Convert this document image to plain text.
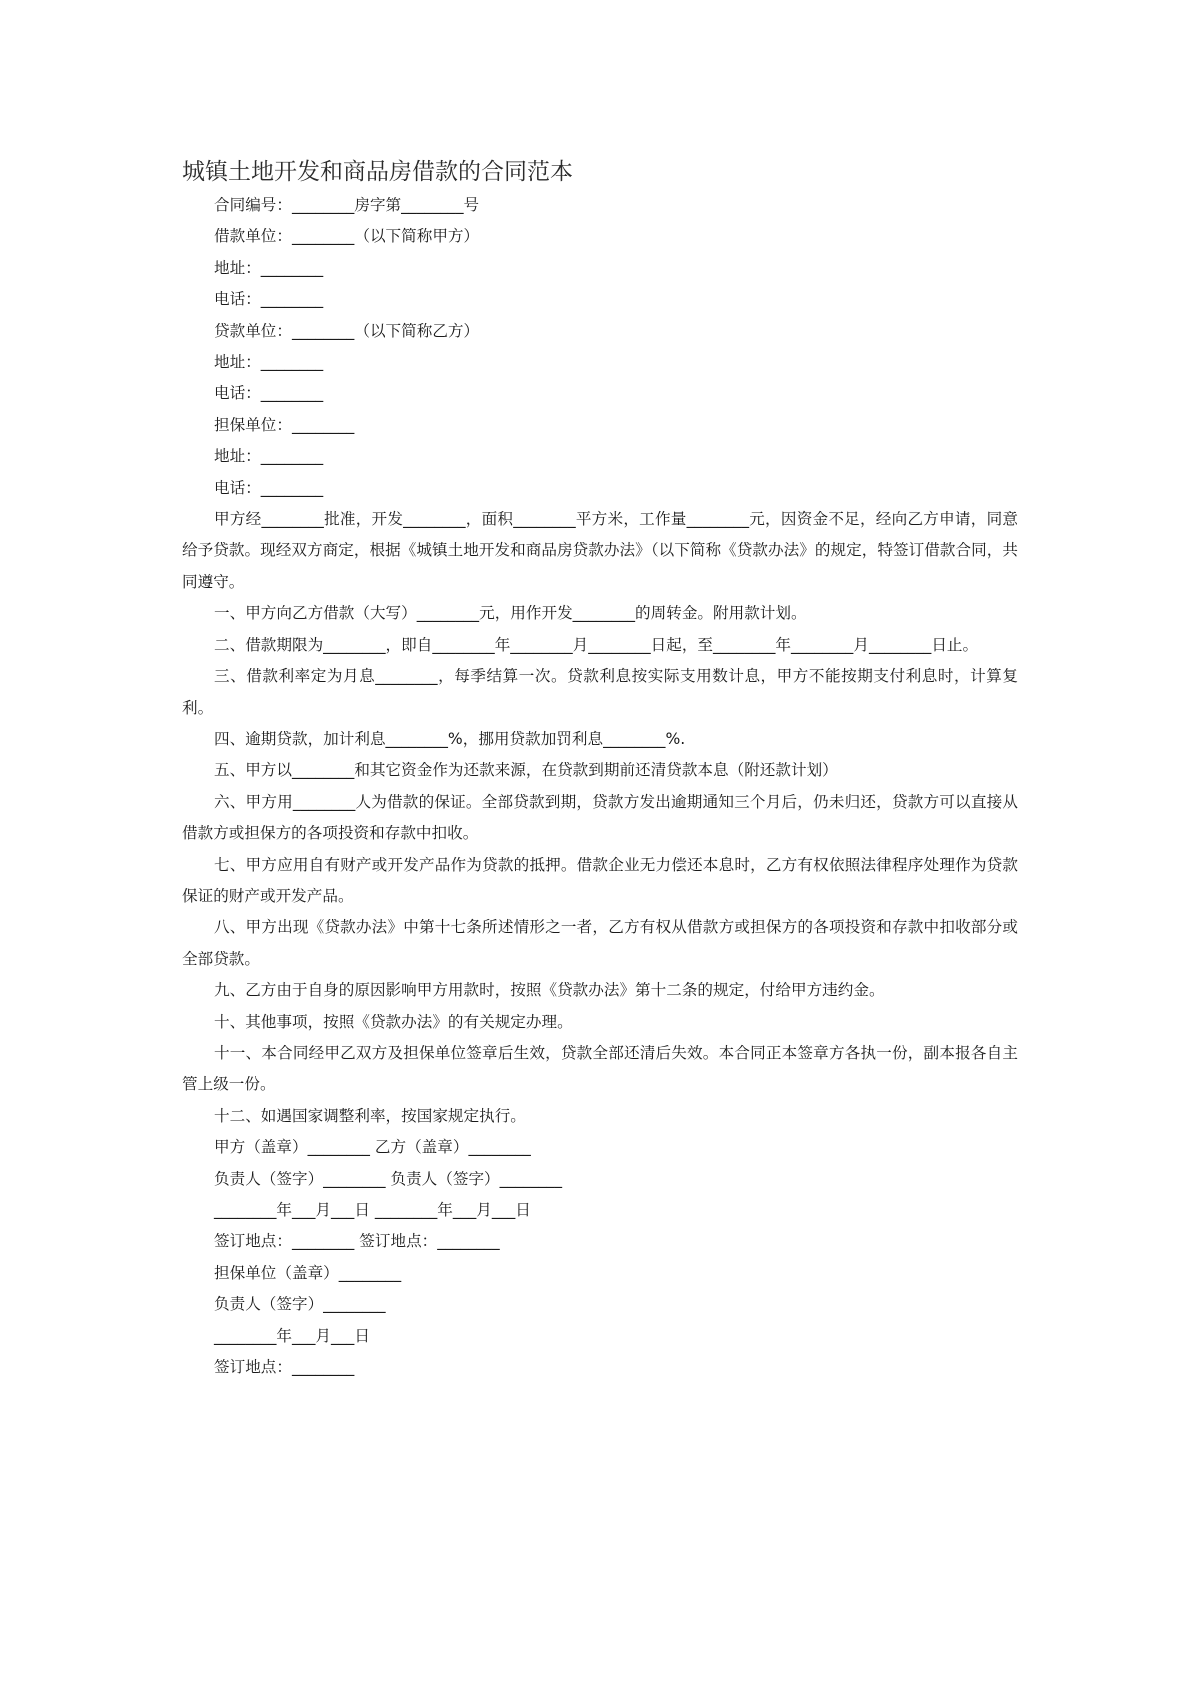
城镇土地开发和商品房借款的合同范本

合同编号：________房字第________号

借款单位：________（以下简称甲方）

地址：________

电话：________

贷款单位：________（以下简称乙方）

地址：________

电话：________

担保单位：________

地址：________

电话：________

甲方经________批准，开发________，面积________平方米，工作量________元，因资金不足，经向乙方申请，同意给予贷款。现经双方商定，根据《城镇土地开发和商品房贷款办法》（以下简称《贷款办法》的规定，特签订借款合同，共同遵守。

一、甲方向乙方借款（大写）________元，用作开发________的周转金。附用款计划。

二、借款期限为________，即自________年________月________日起，至________年________月________日止。

三、借款利率定为月息________，每季结算一次。贷款利息按实际支用数计息，甲方不能按期支付利息时，计算复利。

四、逾期贷款，加计利息________%，挪用贷款加罚利息________%.

五、甲方以________和其它资金作为还款来源，在贷款到期前还清贷款本息（附还款计划）

六、甲方用________人为借款的保证。全部贷款到期，贷款方发出逾期通知三个月后，仍未归还，贷款方可以直接从借款方或担保方的各项投资和存款中扣收。

七、甲方应用自有财产或开发产品作为贷款的抵押。借款企业无力偿还本息时，乙方有权依照法律程序处理作为贷款保证的财产或开发产品。

八、甲方出现《贷款办法》中第十七条所述情形之一者，乙方有权从借款方或担保方的各项投资和存款中扣收部分或全部贷款。

九、乙方由于自身的原因影响甲方用款时，按照《贷款办法》第十二条的规定，付给甲方违约金。

十、其他事项，按照《贷款办法》的有关规定办理。

十一、本合同经甲乙双方及担保单位签章后生效，贷款全部还清后失效。本合同正本签章方各执一份，副本报各自主管上级一份。

十二、如遇国家调整利率，按国家规定执行。

甲方（盖章）________ 乙方（盖章）________

负责人（签字）________ 负责人（签字）________

________年___月___日 ________年___月___日

签订地点：________ 签订地点：________

担保单位（盖章）________

负责人（签字）________

________年___月___日

签订地点：________
